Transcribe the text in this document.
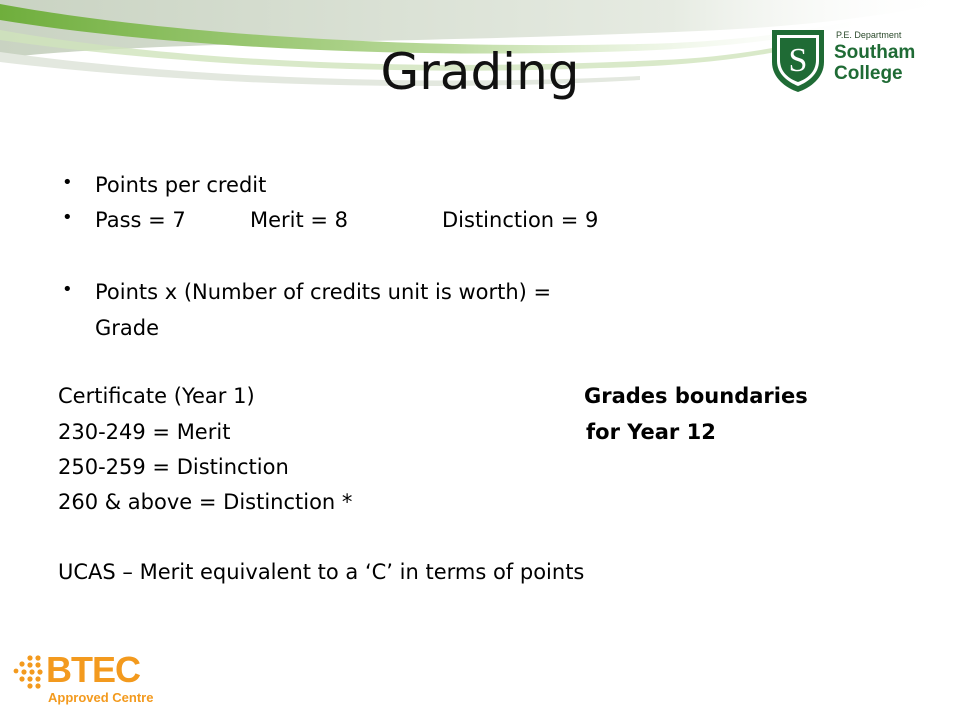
Grading	S
P.E. Department
Southam
College
• Points per credit
• Pass = 7	Merit = 8	Distinction = 9
• Points x (Number of credits unit is worth) =
Grade
Certificate (Year 1)	Grades boundaries
230-249 = Merit	for Year 12
250-259 = Distinction
260 & above = Distinction *
UCAS – Merit equivalent to a ‘C’ in terms of points
BTEC
Approved Centre
